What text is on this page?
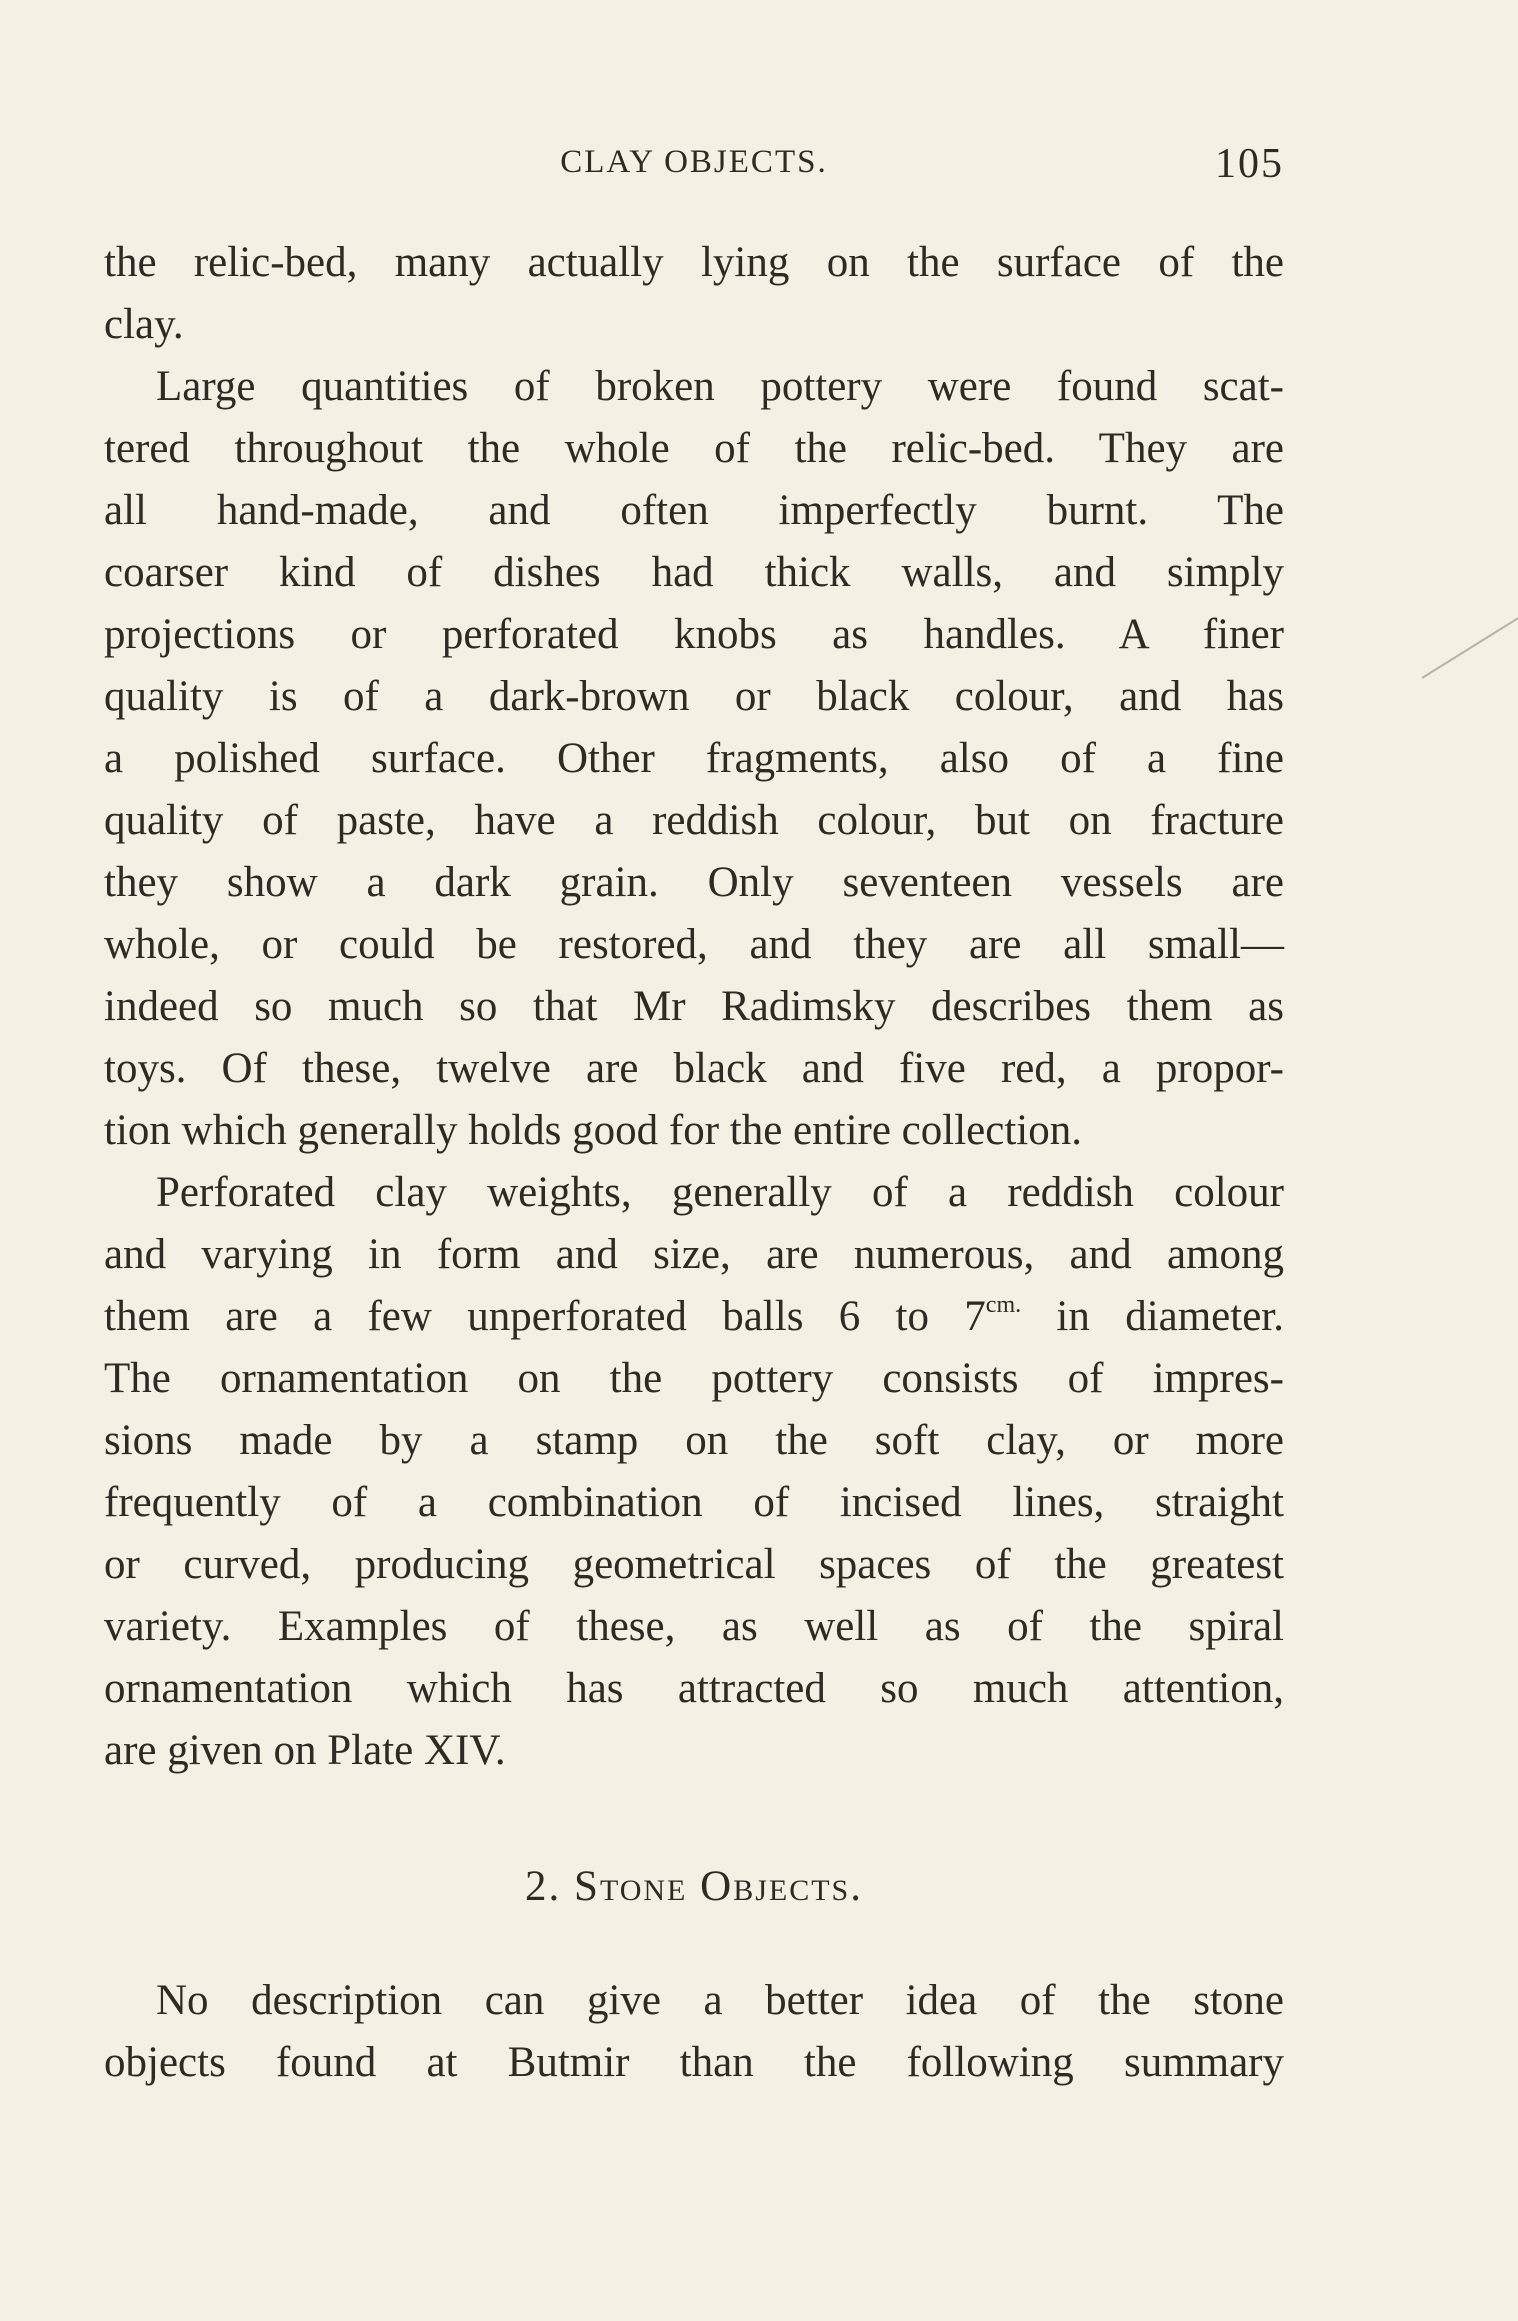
CLAY OBJECTS.	105

the relic-bed, many actually lying on the surface of the
clay.

Large quantities of broken pottery were found scat-
tered throughout the whole of the relic-bed. They are
all hand-made, and often imperfectly burnt. The
coarser kind of dishes had thick walls, and simply
projections or perforated knobs as handles. A finer
quality is of a dark-brown or black colour, and has
a polished surface. Other fragments, also of a fine
quality of paste, have a reddish colour, but on fracture
they show a dark grain. Only seventeen vessels are
whole, or could be restored, and they are all small—
indeed so much so that Mr Radimsky describes them as
toys. Of these, twelve are black and five red, a propor-
tion which generally holds good for the entire collection.

Perforated clay weights, generally of a reddish colour
and varying in form and size, are numerous, and among
them are a few unperforated balls 6 to $7^{cm.}$ in diameter.
The ornamentation on the pottery consists of impres-
sions made by a stamp on the soft clay, or more
frequently of a combination of incised lines, straight
or curved, producing geometrical spaces of the greatest
variety. Examples of these, as well as of the spiral
ornamentation which has attracted so much attention,
are given on Plate XIV.

2. Stone Objects.

No description can give a better idea of the stone
objects found at Butmir than the following summary
